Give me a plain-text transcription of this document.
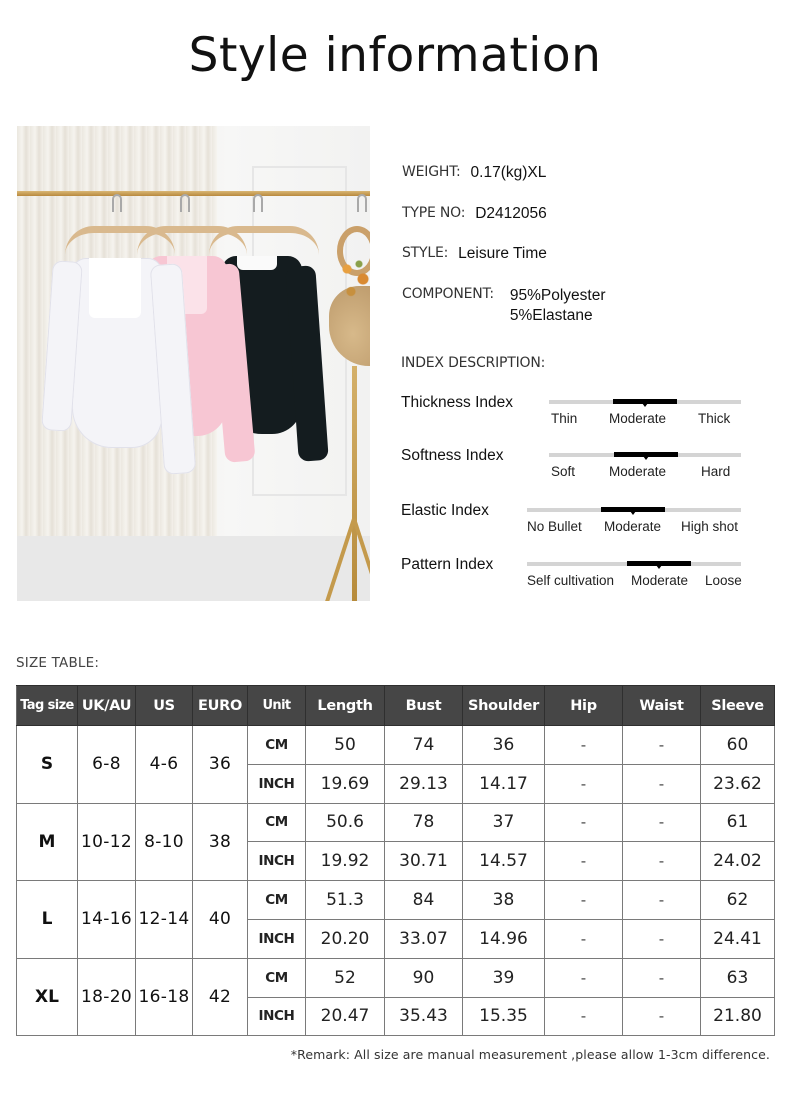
Style information
WEIGHT: 0.17(kg)XL
TYPE NO: D2412056
STYLE: Leisure Time
COMPONENT: 95%Polyester
5%Elastane
INDEX DESCRIPTION:
Thickness Index
Thin Moderate Thick
Softness Index
Soft	Moderate	Hard
Elastic Index
No Bullet Moderate High shot
Pattern Index
Self cultivation Moderate Loose
SIZE TABLE:
Tag size	UK/AU	US	EURO	Unit	Length	Bust	Shoulder	Hip	Waist	Sleeve
S	6-8	4-6	36	CM	50	74	36	-	-	60
				INCH	19.69	29.13	14.17	-	-	23.62
M	10-12	8-10	38	CM	50.6	78	37	-	-	61
				INCH	19.92	30.71	14.57	-	-	24.02
L	14-16	12-14	40	CM	51.3	84	38	-	-	62
				INCH	20.20	33.07	14.96	-	-	24.41
XL	18-20	16-18	42	CM	52	90	39	-	-	63
				INCH	20.47	35.43	15.35	-	-	21.80
*Remark: All size are manual measurement ,please allow 1-3cm difference.
